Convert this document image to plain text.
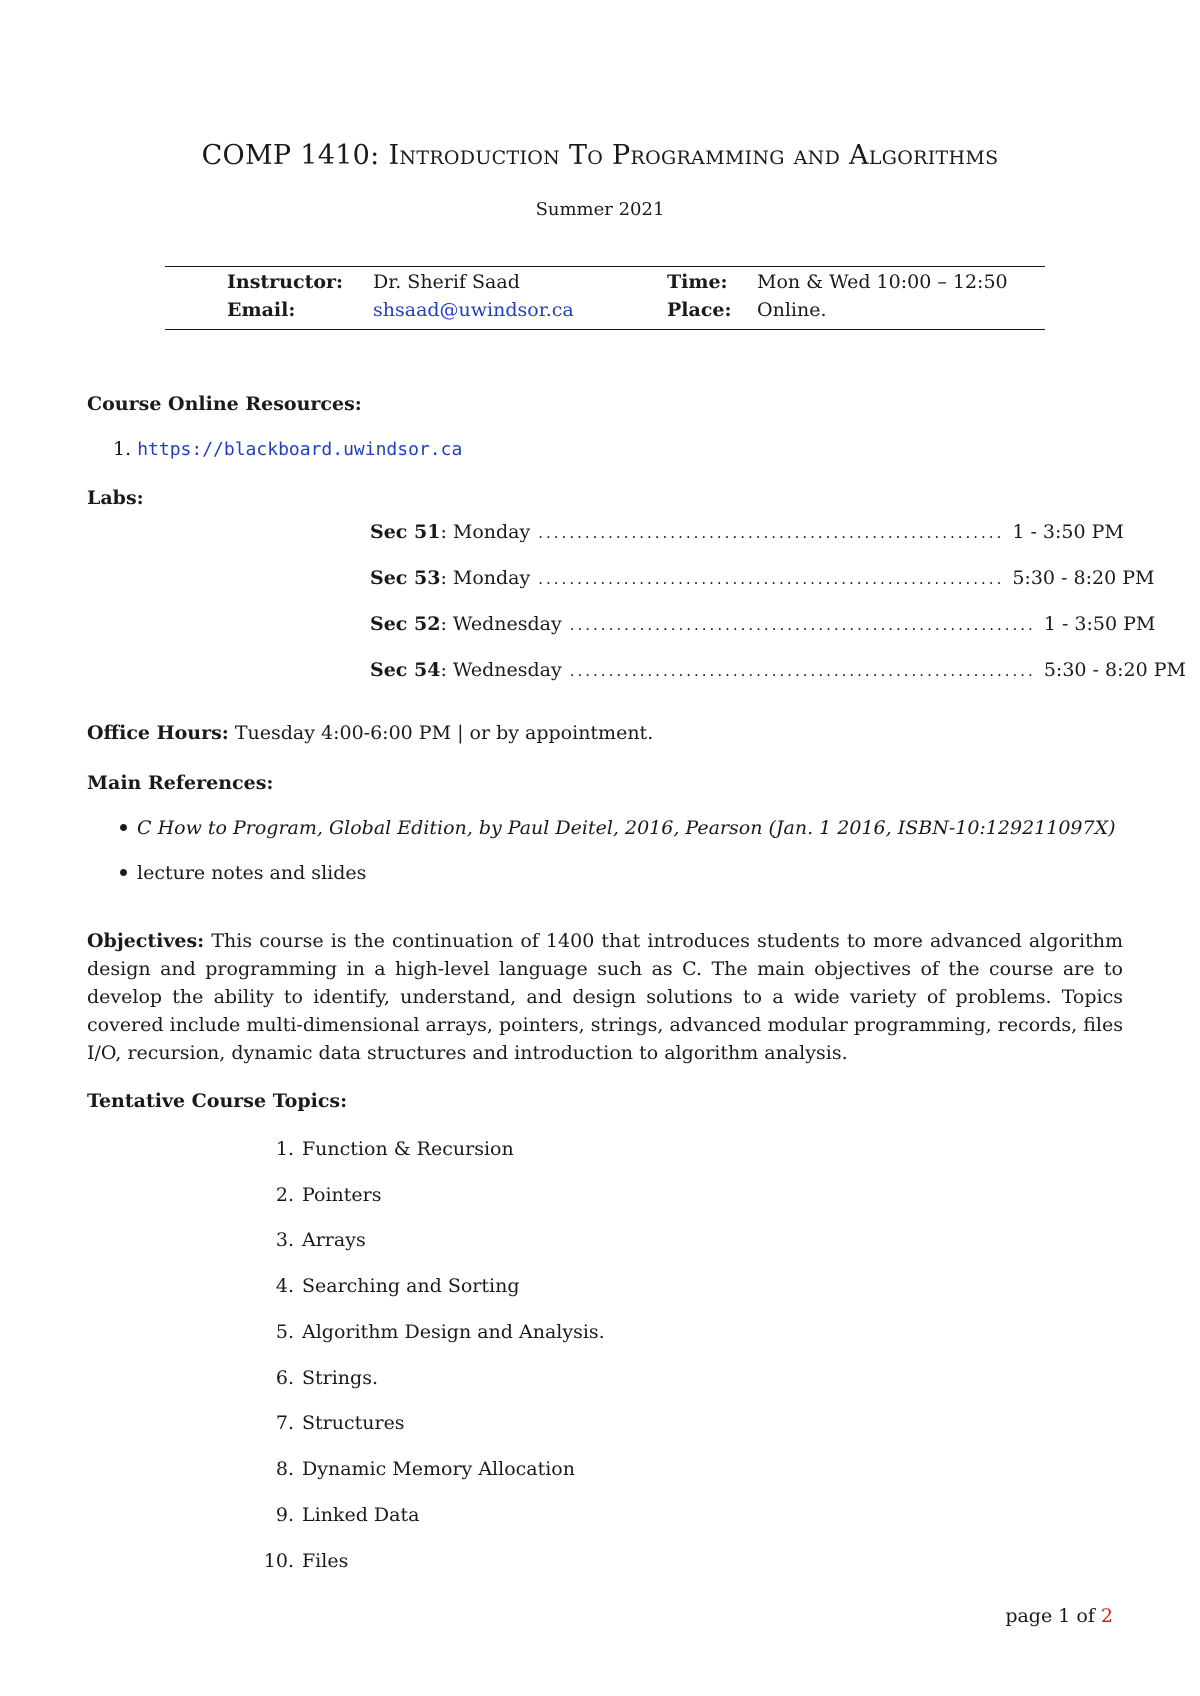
COMP 1410: Introduction To Programming and Algorithms
Summer 2021
Instructor: Dr. Sherif Saad	Time: Mon & Wed 10:00 – 12:50
Email:	shsaad@uwindsor.ca	Place: Online.
Course Online Resources:
1. https://blackboard.uwindsor.ca
Labs:
Sec 51 : Monday ............................................................ 1 - 3:50 PM
Sec 53 : Monday ............................................................ 5:30 - 8:20 PM
Sec 52 : Wednesday ............................................................ 1 - 3:50 PM
Sec 54 : Wednesday ............................................................ 5:30 - 8:20 PM
Office Hours: Tuesday 4:00-6:00 PM | or by appointment.
Main References:
C How to Program, Global Edition, by Paul Deitel, 2016, Pearson (Jan. 1 2016, ISBN-10:129211097X)
lecture notes and slides
Objectives: This course is the continuation of 1400 that introduces students to more advanced algorithm design and programming in a high-level language such as C. The main objectives of the course are to develop the ability to identify, understand, and design solutions to a wide variety of problems. Topics covered include multi-dimensional arrays, pointers, strings, advanced modular programming, records, files I/O, recursion, dynamic data structures and introduction to algorithm analysis.
Tentative Course Topics:
1. Function & Recursion
2. Pointers
3. Arrays
4. Searching and Sorting
5. Algorithm Design and Analysis.
6. Strings.
7. Structures
8. Dynamic Memory Allocation
9. Linked Data
10. Files
page 1 of 2
